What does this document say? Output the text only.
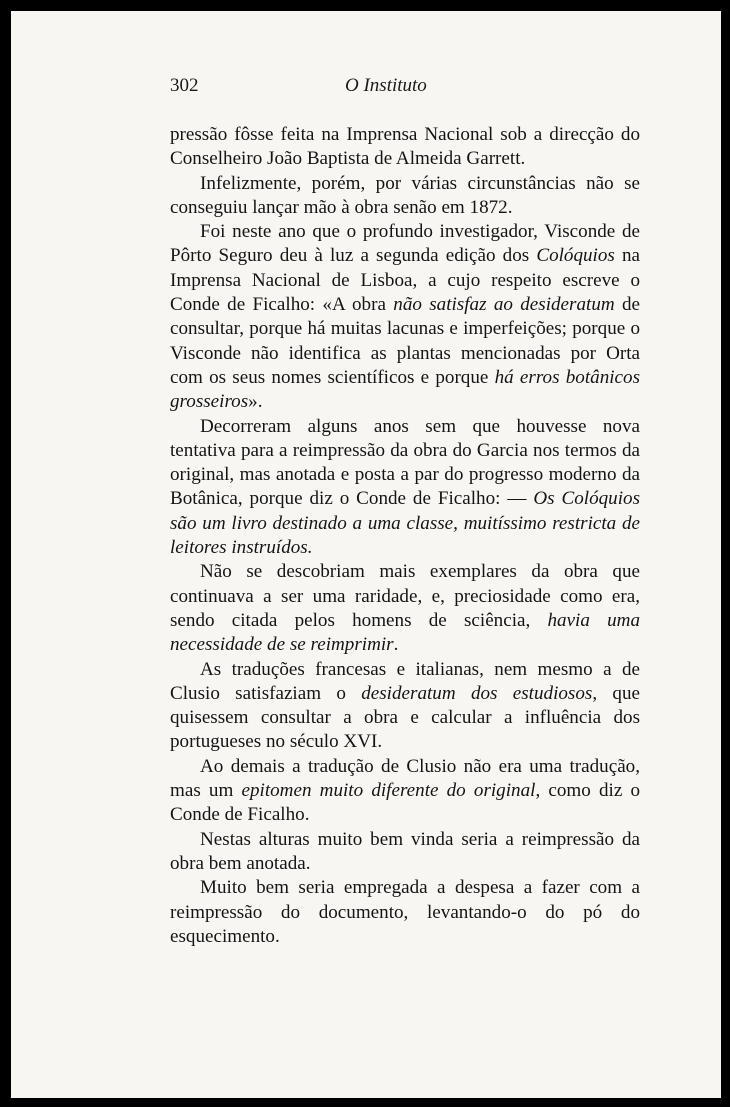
302	O Instituto

pressão fôsse feita na Imprensa Nacional sob a direcção do Conselheiro João Baptista de Almeida Garrett.

Infelizmente, porém, por várias circunstâncias não se conseguiu lançar mão à obra senão em 1872.

Foi neste ano que o profundo investigador, Visconde de Pôrto Seguro deu à luz a segunda edição dos Colóquios na Imprensa Nacional de Lisboa, a cujo respeito escreve o Conde de Ficalho: «A obra não satisfaz ao desideratum de consultar, porque há muitas lacunas e imperfeições; porque o Visconde não identifica as plantas mencionadas por Orta com os seus nomes scientíficos e porque há erros botânicos grosseiros».

Decorreram alguns anos sem que houvesse nova tentativa para a reimpressão da obra do Garcia nos termos da original, mas anotada e posta a par do progresso moderno da Botânica, porque diz o Conde de Ficalho: — Os Colóquios são um livro destinado a uma classe, muitíssimo restricta de leitores instruídos.

Não se descobriam mais exemplares da obra que continuava a ser uma raridade, e, preciosidade como era, sendo citada pelos homens de sciência, havia uma necessidade de se reimprimir.

As traduções francesas e italianas, nem mesmo a de Clusio satisfaziam o desideratum dos estudiosos, que quisessem consultar a obra e calcular a influência dos portugueses no século XVI.

Ao demais a tradução de Clusio não era uma tradução, mas um epitomen muito diferente do original, como diz o Conde de Ficalho.

Nestas alturas muito bem vinda seria a reimpressão da obra bem anotada.

Muito bem seria empregada a despesa a fazer com a reimpressão do documento, levantando-o do pó do esquecimento.
